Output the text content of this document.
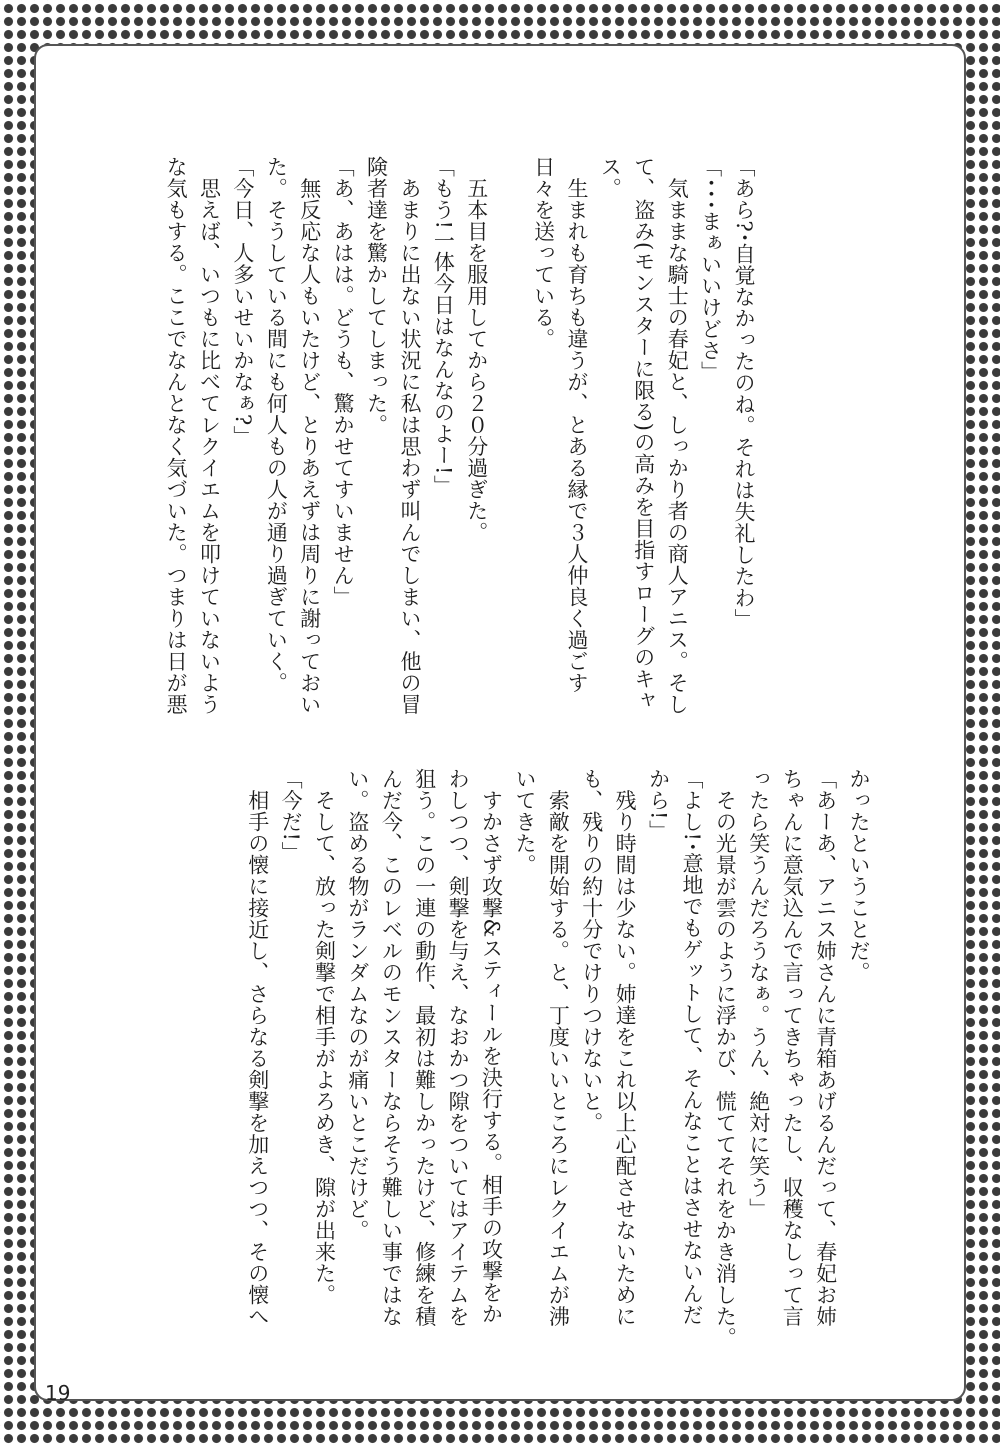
「あら?･自覚なかったのね。それは失礼したわ」

「･･･まぁいいけどさ」

　気ままな騎士の春妃と、しっかり者の商人アニス。そし

て、盗み(モンスターに限る)の高みを目指すローグのキャ

ス。

　生まれも育ちも違うが、とある縁で３人仲良く過ごす

日々を送っている。

　五本目を服用してから２０分過ぎた。

「もう!一体今日はなんなのよー!」

　あまりに出ない状況に私は思わず叫んでしまい、他の冒

険者達を驚かしてしまった。

「あ、あはは。どうも、驚かせてすいません」

　無反応な人もいたけど、とりあえずは周りに謝っておい

た。そうしている間にも何人もの人が通り過ぎていく。

「今日、人多いせいかなぁ?」

　思えば、いつもに比べてレクイエムを叩けていないよう

な気もする。ここでなんとなく気づいた。つまりは日が悪

かったということだ。

「あーあ、アニス姉さんに青箱あげるんだって、春妃お姉

ちゃんに意気込んで言ってきちゃったし、収穫なしって言

ったら笑うんだろうなぁ。うん、絶対に笑う」

　その光景が雲のように浮かび、慌ててそれをかき消した。

「よし!･意地でもゲットして、そんなことはさせないんだ

から!」

　残り時間は少ない。姉達をこれ以上心配させないために

も、残りの約十分でけりつけないと。

　索敵を開始する。と、丁度いいところにレクイエムが沸

いてきた。

　すかさず攻撃&スティールを決行する。相手の攻撃をか

わしつつ、剣撃を与え、なおかつ隙をついてはアイテムを

狙う。この一連の動作、最初は難しかったけど、修練を積

んだ今、このレベルのモンスターならそう難しい事ではな

い。盗める物がランダムなのが痛いとこだけど。

　そして、放った剣撃で相手がよろめき、隙が出来た。

「今だ!」

　相手の懐に接近し、さらなる剣撃を加えつつ、その懐へ

19
